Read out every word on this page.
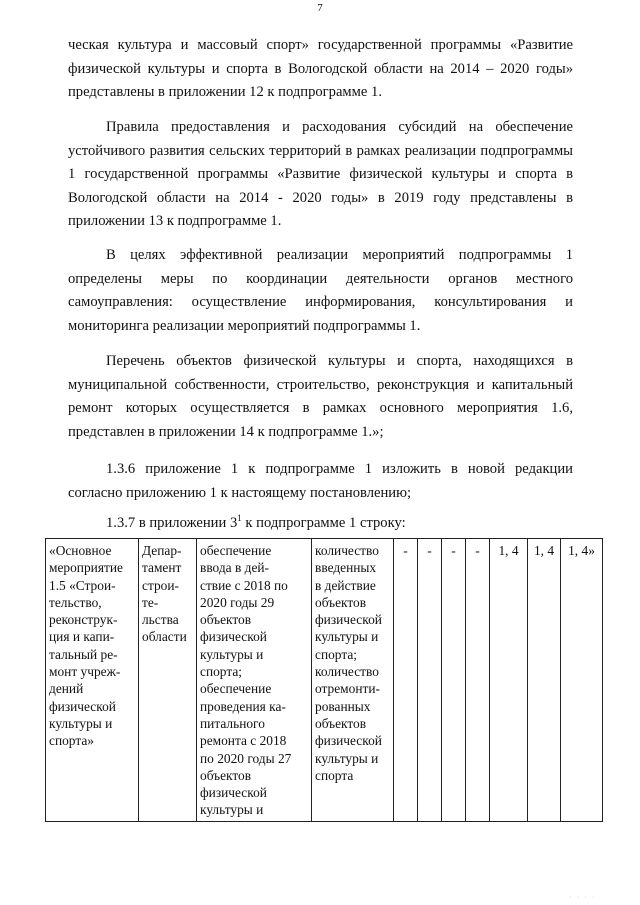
7

ческая культура и массовый спорт» государственной программы «Развитие физической культуры и спорта в Вологодской области на 2014 – 2020 годы» представлены в приложении 12 к подпрограмме 1.

Правила предоставления и расходования субсидий на обеспечение устойчивого развития сельских территорий в рамках реализации подпрограммы 1 государственной программы «Развитие физической культуры и спорта в Вологодской области на 2014 - 2020 годы» в 2019 году представлены в приложении 13 к подпрограмме 1.

В целях эффективной реализации мероприятий подпрограммы 1 определены меры по координации деятельности органов местного самоуправления: осуществление информирования, консультирования и мониторинга реализации мероприятий подпрограммы 1.

Перечень объектов физической культуры и спорта, находящихся в муниципальной собственности, строительство, реконструкция и капитальный ремонт которых осуществляется в рамках основного мероприятия 1.6, представлен в приложении 14 к подпрограмме 1.»;

1.3.6 приложение 1 к подпрограмме 1 изложить в новой редакции согласно приложению 1 к настоящему постановлению;

1.3.7 в приложении $3^1$ к подпрограмме 1 строку:

«Основное
мероприятие
1.5 «Строи-
тельство,
реконструк-
ция и капи-
тальный ре-
монт учреж-
дений
физической
культуры и
спорта»

Депар-
тамент
строи-
те-
льства
области

обеспечение
ввода в дей-
ствие с 2018 по
2020 годы 29
объектов
физической
культуры и
спорта;
обеспечение
проведения ка-
питального
ремонта с 2018
по 2020 годы 27
объектов
физической
культуры и

количество
введенных
в действие
объектов
физической
культуры и
спорта;
количество
отремонти-
рованных
объектов
физической
культуры и
спорта
	-	-	-	-	1, 4	1, 4	1, 4»
· · · ·
